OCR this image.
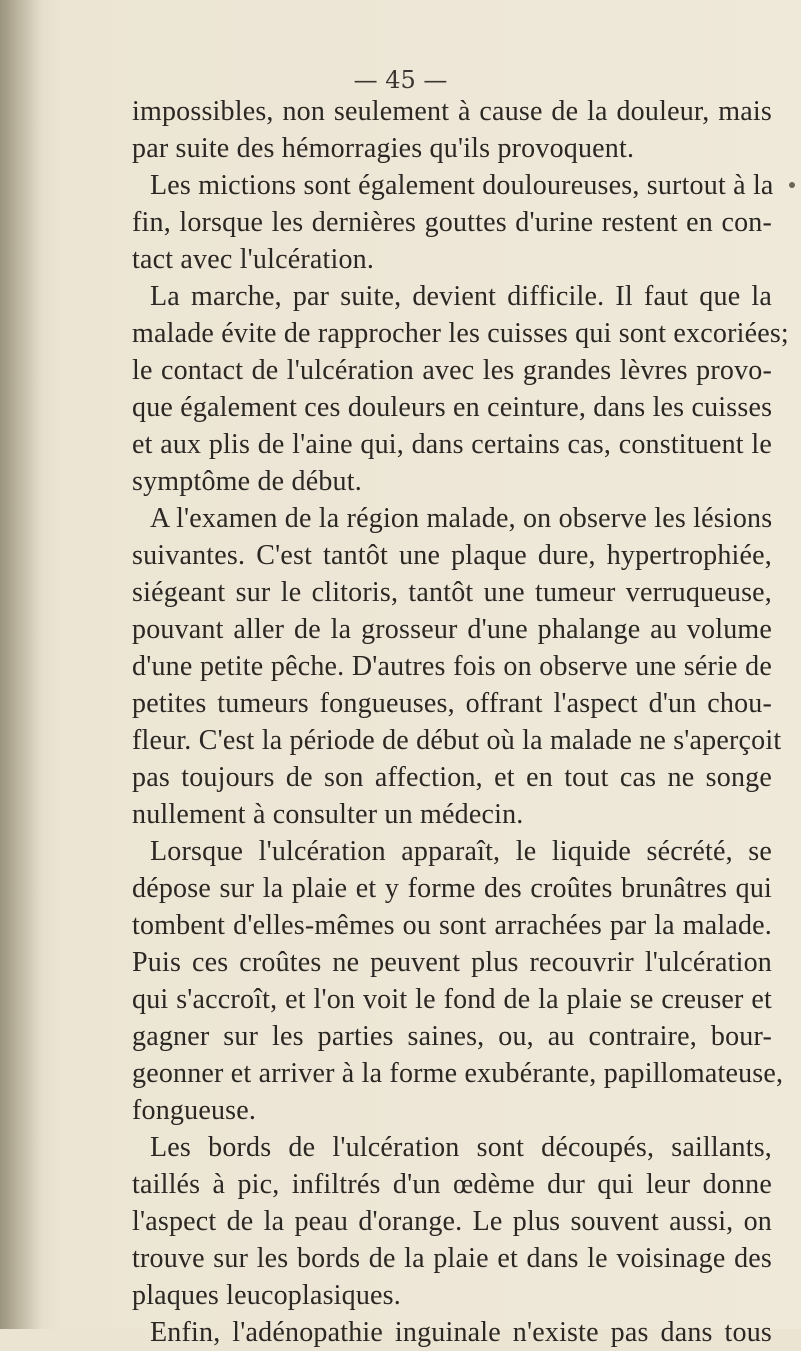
— 45 —
impossibles, non seulement à cause de la douleur, mais
par suite des hémorragies qu'ils provoquent.
Les mictions sont également douloureuses, surtout à la
fin, lorsque les dernières gouttes d'urine restent en con-
tact avec l'ulcération.
La marche, par suite, devient difficile. Il faut que la
malade évite de rapprocher les cuisses qui sont excoriées;
le contact de l'ulcération avec les grandes lèvres provo-
que également ces douleurs en ceinture, dans les cuisses
et aux plis de l'aine qui, dans certains cas, constituent le
symptôme de début.
A l'examen de la région malade, on observe les lésions
suivantes. C'est tantôt une plaque dure, hypertrophiée,
siégeant sur le clitoris, tantôt une tumeur verruqueuse,
pouvant aller de la grosseur d'une phalange au volume
d'une petite pêche. D'autres fois on observe une série de
petites tumeurs fongueuses, offrant l'aspect d'un chou-
fleur. C'est la période de début où la malade ne s'aperçoit
pas toujours de son affection, et en tout cas ne songe
nullement à consulter un médecin.
Lorsque l'ulcération apparaît, le liquide sécrété, se
dépose sur la plaie et y forme des croûtes brunâtres qui
tombent d'elles-mêmes ou sont arrachées par la malade.
Puis ces croûtes ne peuvent plus recouvrir l'ulcération
qui s'accroît, et l'on voit le fond de la plaie se creuser et
gagner sur les parties saines, ou, au contraire, bour-
geonner et arriver à la forme exubérante, papillomateuse,
fongueuse.
Les bords de l'ulcération sont découpés, saillants,
taillés à pic, infiltrés d'un œdème dur qui leur donne
l'aspect de la peau d'orange. Le plus souvent aussi, on
trouve sur les bords de la plaie et dans le voisinage des
plaques leucoplasiques.
Enfin, l'adénopathie inguinale n'existe pas dans tous
